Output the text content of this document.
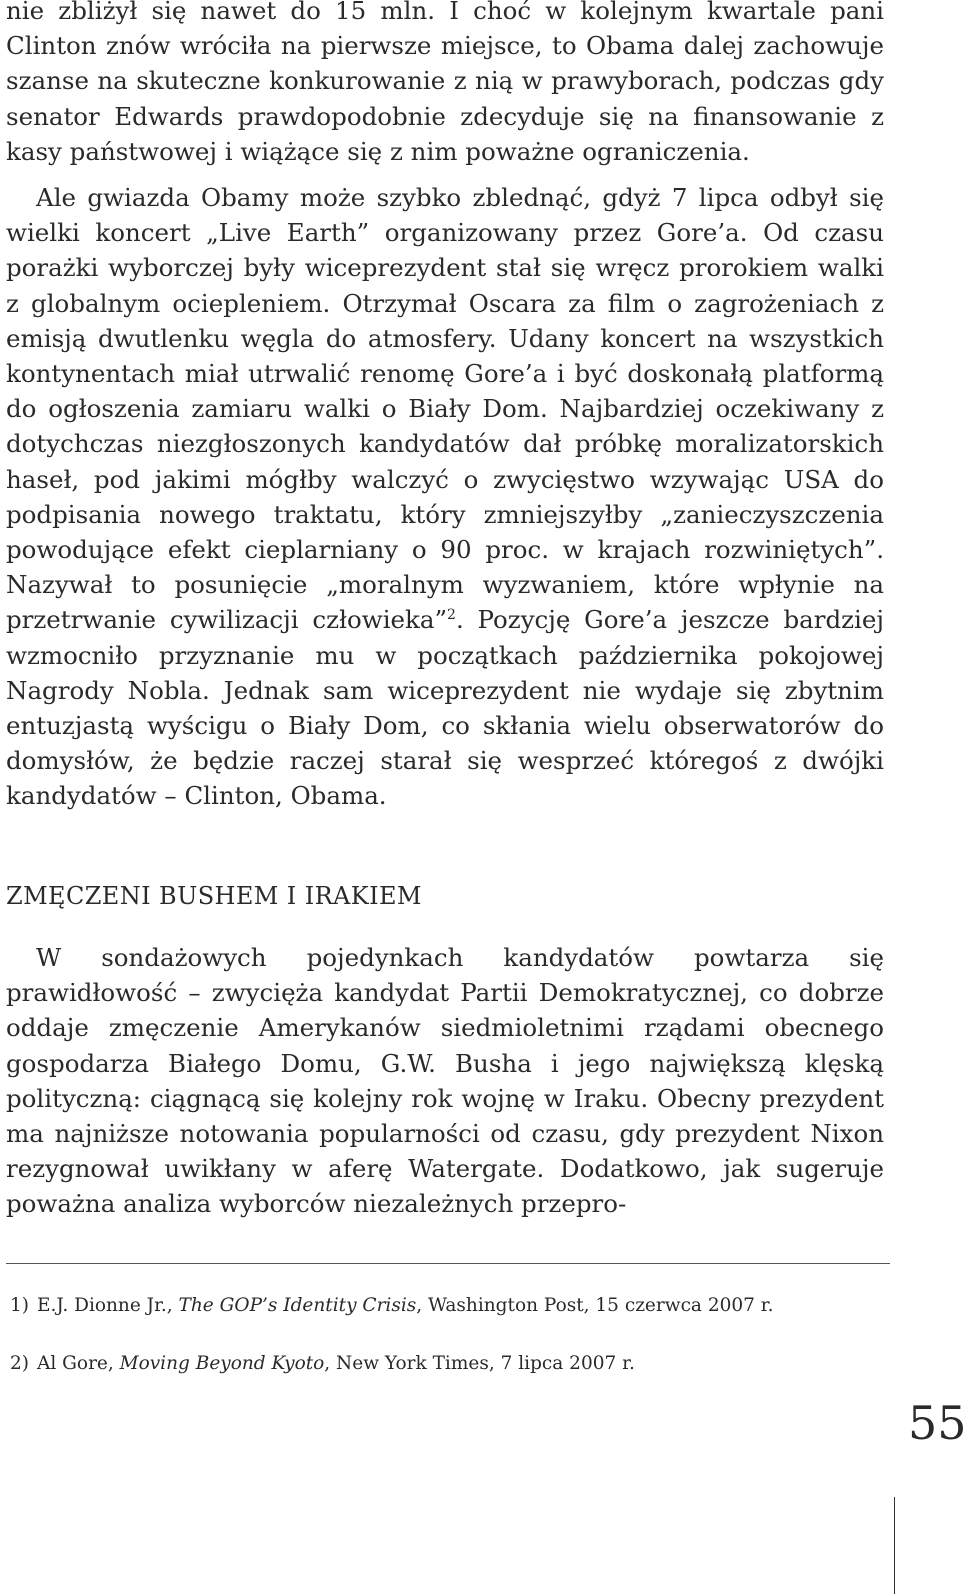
nie zbliżył się nawet do 15 mln. I choć w kolejnym kwartale pani Clinton znów wróciła na pierwsze miejsce, to Obama dalej zachowuje szanse na skuteczne konkurowanie z nią w prawyborach, podczas gdy senator Edwards prawdopodobnie zdecyduje się na finansowanie z kasy państwowej i wiążące się z nim poważne ograniczenia.

Ale gwiazda Obamy może szybko zblednąć, gdyż 7 lipca odbył się wielki koncert „Live Earth” organizowany przez Gore’a. Od czasu porażki wyborczej były wiceprezydent stał się wręcz prorokiem walki z globalnym ociepleniem. Otrzymał Oscara za film o zagrożeniach z emisją dwutlenku węgla do atmosfery. Udany koncert na wszystkich kontynentach miał utrwalić renomę Gore’a i być doskonałą platformą do ogłoszenia zamiaru walki o Biały Dom. Najbardziej oczekiwany z dotychczas niezgłoszonych kandydatów dał próbkę moralizatorskich haseł, pod jakimi mógłby walczyć o zwycięstwo wzywając USA do podpisania nowego traktatu, który zmniejszyłby „zanieczyszczenia powodujące efekt cieplarniany o 90 proc. w krajach rozwiniętych”. Nazywał to posunięcie „moralnym wyzwaniem, które wpłynie na przetrwanie cywilizacji człowieka”$^2$. Pozycję Gore’a jeszcze bardziej wzmocniło przyznanie mu w początkach października pokojowej Nagrody Nobla. Jednak sam wiceprezydent nie wydaje się zbytnim entuzjastą wyścigu o Biały Dom, co skłania wielu obserwatorów do domysłów, że będzie raczej starał się wesprzeć któregoś z dwójki kandydatów – Clinton, Obama.

ZMĘCZENI BUSHEM I IRAKIEM

W sondażowych pojedynkach kandydatów powtarza się prawidłowość – zwycięża kandydat Partii Demokratycznej, co dobrze oddaje zmęczenie Amerykanów siedmioletnimi rządami obecnego gospodarza Białego Domu, G.W. Busha i jego największą klęską polityczną: ciągnącą się kolejny rok wojnę w Iraku. Obecny prezydent ma najniższe notowania popularności od czasu, gdy prezydent Nixon rezygnował uwikłany w aferę Watergate. Dodatkowo, jak sugeruje poważna analiza wyborców niezależnych przepro-

1) E.J. Dionne Jr., The GOP’s Identity Crisis, Washington Post, 15 czerwca 2007 r.

2) Al Gore, Moving Beyond Kyoto, New York Times, 7 lipca 2007 r.

55
